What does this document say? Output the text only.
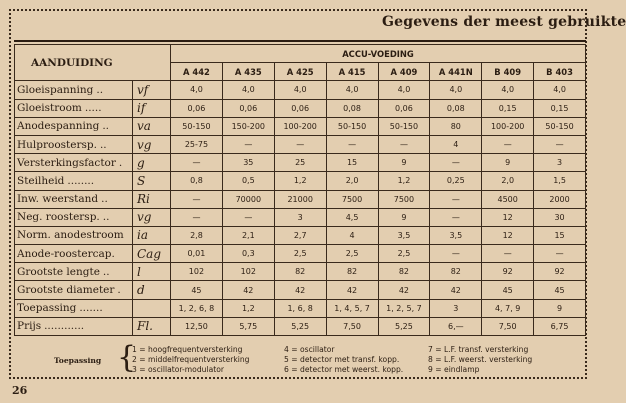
Gegevens der meest gebruikte
AANDUIDING		ACCU-VOEDING							
		A 442	A 435	A 425	A 415	A 409	A 441N	B 409	B 403
Gloeispanning ..	vf	4,0	4,0	4,0	4,0	4,0	4,0	4,0	4,0
Gloeistroom .....	if	0,06	0,06	0,06	0,08	0,06	0,08	0,15	0,15
Anodespanning ..	va	50-150	150-200	100-200	50-150	50-150	80	100-200	50-150
Hulproostersp. ..	vg	25-75	—	—	—	—	4	—	—
Versterkingsfactor .	g	—	35	25	15	9	—	9	3
Steilheid ........	S	0,8	0,5	1,2	2,0	1,2	0,25	2,0	1,5
Inw. weerstand ..	Ri	—	70000	21000	7500	7500	—	4500	2000
Neg. roostersp. ..	vg	—	—	3	4,5	9	—	12	30
Norm. anodestroom	ia	2,8	2,1	2,7	4	3,5	3,5	12	15
Anode-roostercap.	Cag	0,01	0,3	2,5	2,5	2,5	—	—	—
Grootste lengte ..	l	102	102	82	82	82	82	92	92
Grootste diameter .	d	45	42	42	42	42	42	45	45
Toepassing .......		1, 2, 6, 8	1,2	1, 6, 8	1, 4, 5, 7	1, 2, 5, 7	3	4, 7, 9	9
Prijs ............	Fl.	12,50	5,75	5,25	7,50	5,25	6,—	7,50	6,75
Toepassing {
1 = hoogfrequentversterking
2 = middelfrequentversterking
3 = oscillator-modulator
4 = oscillator
5 = detector met transf. kopp.
6 = detector met weerst. kopp.
7 = L.F. transf. versterking
8 = L.F. weerst. versterking
9 = eindlamp
26
